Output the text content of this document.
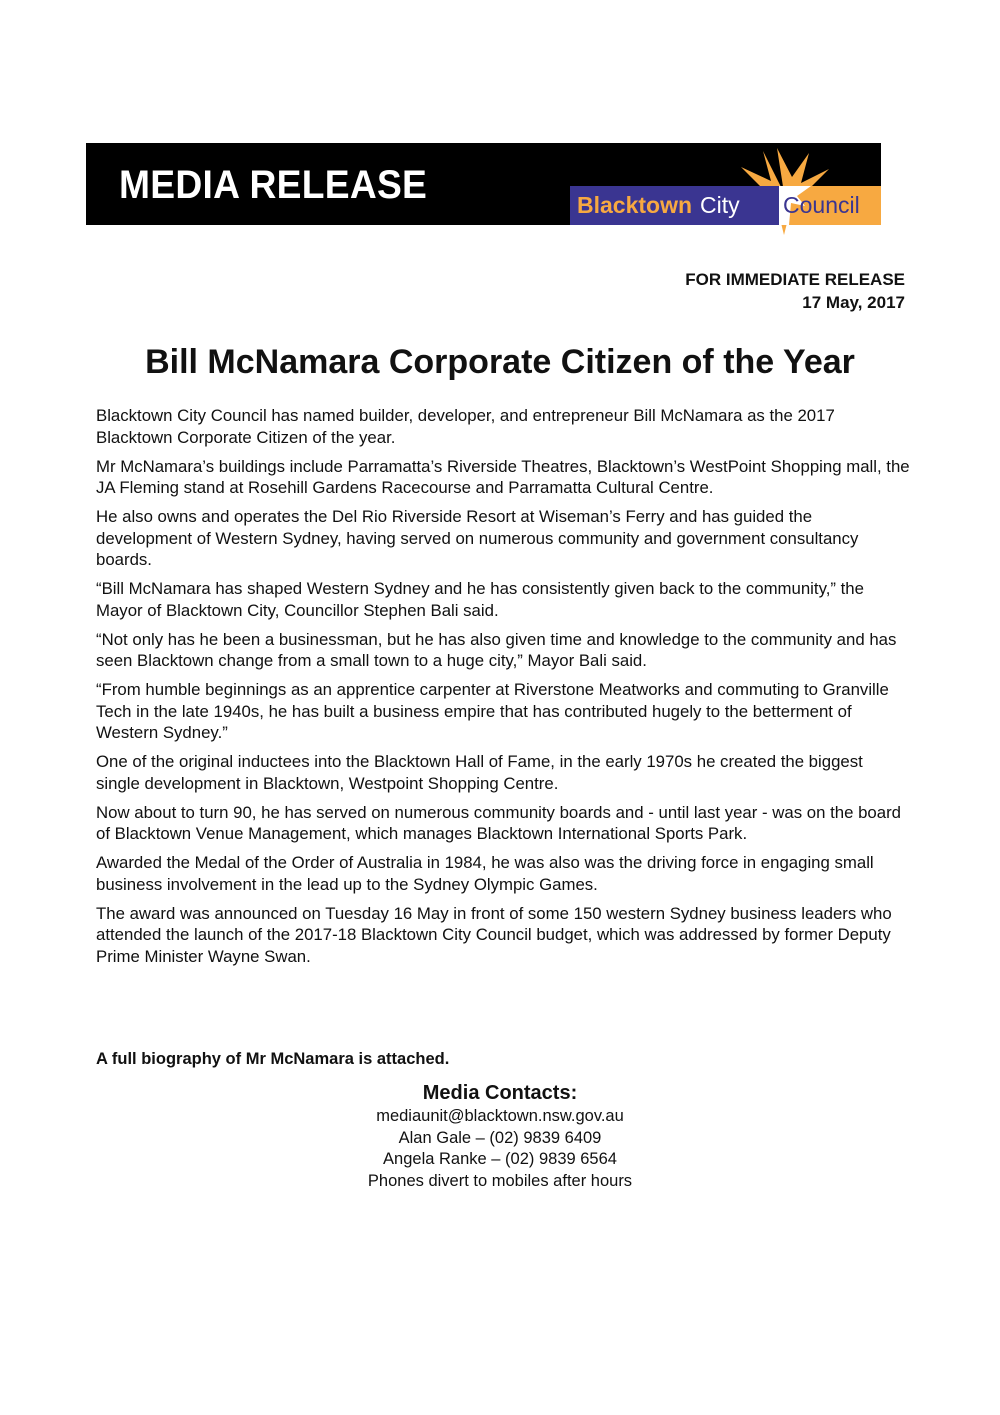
MEDIA RELEASE	Blacktown City Council
FOR IMMEDIATE RELEASE
17 May, 2017
Bill McNamara Corporate Citizen of the Year

Blacktown City Council has named builder, developer, and entrepreneur Bill McNamara as the 2017 Blacktown Corporate Citizen of the year.

Mr McNamara’s buildings include Parramatta’s Riverside Theatres, Blacktown’s WestPoint Shopping mall, the JA Fleming stand at Rosehill Gardens Racecourse and Parramatta Cultural Centre.

He also owns and operates the Del Rio Riverside Resort at Wiseman’s Ferry and has guided the development of Western Sydney, having served on numerous community and government consultancy boards.

“Bill McNamara has shaped Western Sydney and he has consistently given back to the community,” the Mayor of Blacktown City, Councillor Stephen Bali said.

“Not only has he been a businessman, but he has also given time and knowledge to the community and has seen Blacktown change from a small town to a huge city,” Mayor Bali said.

“From humble beginnings as an apprentice carpenter at Riverstone Meatworks and commuting to Granville Tech in the late 1940s, he has built a business empire that has contributed hugely to the betterment of Western Sydney.”

One of the original inductees into the Blacktown Hall of Fame, in the early 1970s he created the biggest single development in Blacktown, Westpoint Shopping Centre.

Now about to turn 90, he has served on numerous community boards and - until last year - was on the board of Blacktown Venue Management, which manages Blacktown International Sports Park.

Awarded the Medal of the Order of Australia in 1984, he was also was the driving force in engaging small business involvement in the lead up to the Sydney Olympic Games.

The award was announced on Tuesday 16 May in front of some 150 western Sydney business leaders who attended the launch of the 2017-18 Blacktown City Council budget, which was addressed by former Deputy Prime Minister Wayne Swan.

A full biography of Mr McNamara is attached.
Media Contacts:
mediaunit@blacktown.nsw.gov.au
Alan Gale – (02) 9839 6409
Angela Ranke – (02) 9839 6564
Phones divert to mobiles after hours
